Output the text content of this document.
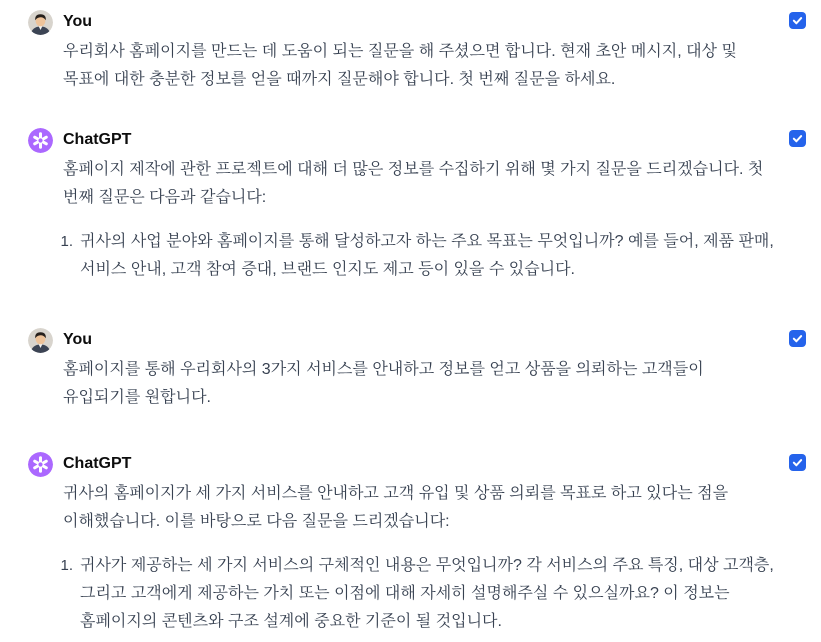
You

우리회사 홈페이지를 만드는 데 도움이 되는 질문을 해 주셨으면 합니다. 현재 초안 메시지, 대상 및 목표에 대한 충분한 정보를 얻을 때까지 질문해야 합니다. 첫 번째 질문을 하세요.

ChatGPT

홈페이지 제작에 관한 프로젝트에 대해 더 많은 정보를 수집하기 위해 몇 가지 질문을 드리겠습니다. 첫 번째 질문은 다음과 같습니다:

1. 귀사의 사업 분야와 홈페이지를 통해 달성하고자 하는 주요 목표는 무엇입니까? 예를 들어, 제품 판매, 서비스 안내, 고객 참여 증대, 브랜드 인지도 제고 등이 있을 수 있습니다.
You

홈페이지를 통해 우리회사의 3가지 서비스를 안내하고 정보를 얻고 상품을 의뢰하는 고객들이 유입되기를 원합니다.

ChatGPT

귀사의 홈페이지가 세 가지 서비스를 안내하고 고객 유입 및 상품 의뢰를 목표로 하고 있다는 점을 이해했습니다. 이를 바탕으로 다음 질문을 드리겠습니다:

1. 귀사가 제공하는 세 가지 서비스의 구체적인 내용은 무엇입니까? 각 서비스의 주요 특징, 대상 고객층, 그리고 고객에게 제공하는 가치 또는 이점에 대해 자세히 설명해주실 수 있으실까요? 이 정보는 홈페이지의 콘텐츠와 구조 설계에 중요한 기준이 될 것입니다.
